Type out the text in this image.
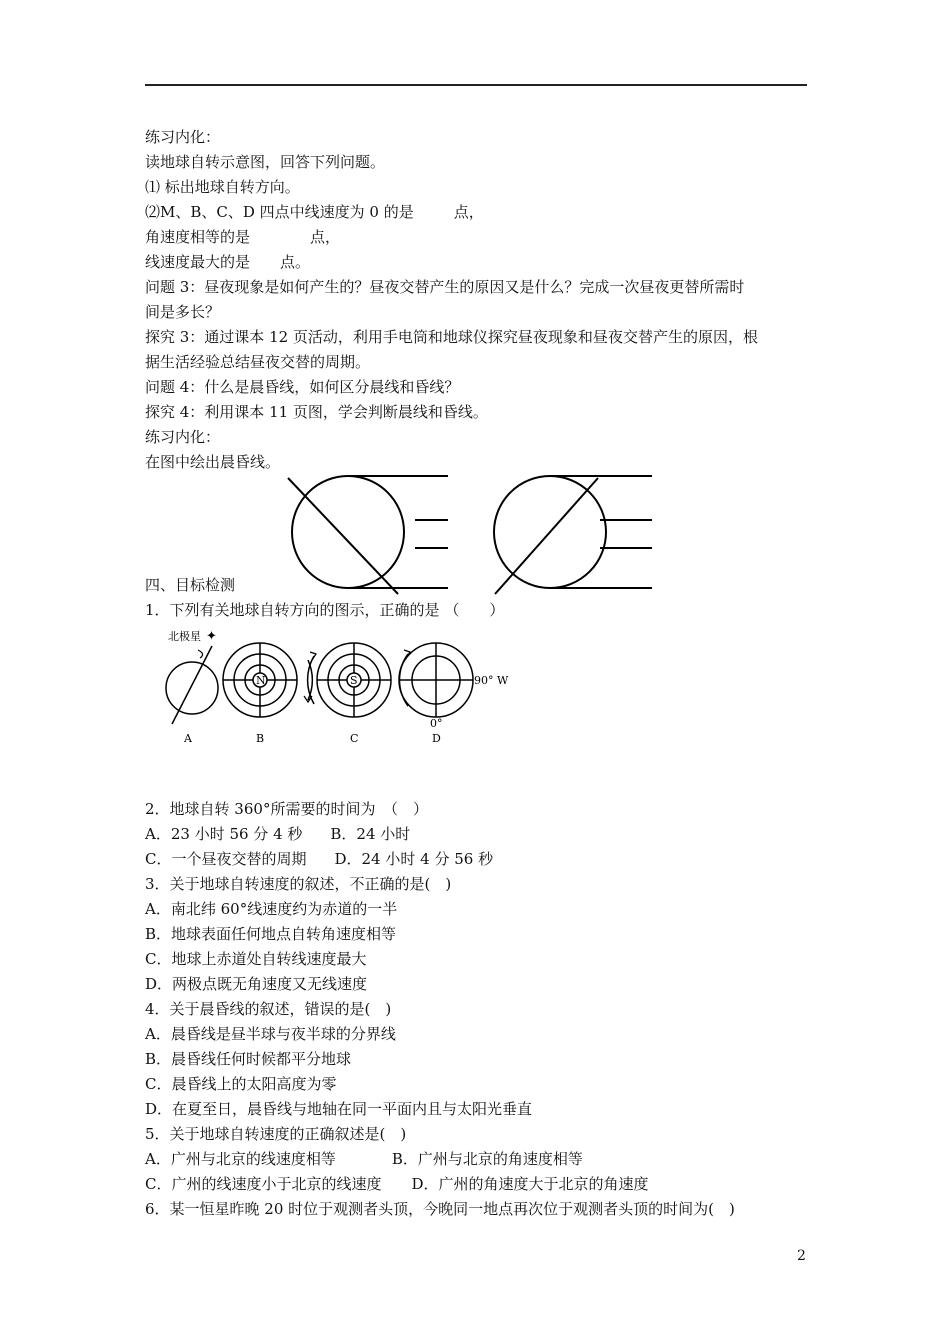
练习内化：
读地球自转示意图，回答下列问题。
⑴ 标出地球自转方向。
⑵M、B、C、D 四点中线速度为 0 的是	点，
角速度相等的是	点，
线速度最大的是 点。
问题 3：昼夜现象是如何产生的？昼夜交替产生的原因又是什么？完成一次昼夜更替所需时
间是多长？
探究 3：通过课本 12 页活动，利用手电筒和地球仪探究昼夜现象和昼夜交替产生的原因，根
据生活经验总结昼夜交替的周期。
问题 4：什么是晨昏线，如何区分晨线和昏线？
探究 4：利用课本 11 页图，学会判断晨线和昏线。
练习内化：
在图中绘出晨昏线。
四、目标检测
1．下列有关地球自转方向的图示，正确的是 （　　）
北极星 ✦
A
N
B
S
C
90° W
0°
D
2．地球自转 360°所需要的时间为　（　）
A．23 小时 56 分 4 秒 B．24 小时
C．一个昼夜交替的周期 D．24 小时 4 分 56 秒
3．关于地球自转速度的叙述，不正确的是(　)
A．南北纬 60°线速度约为赤道的一半
B．地球表面任何地点自转角速度相等
C．地球上赤道处自转线速度最大
D．两极点既无角速度又无线速度
4．关于晨昏线的叙述，错误的是(　)
A．晨昏线是昼半球与夜半球的分界线
B．晨昏线任何时候都平分地球
C．晨昏线上的太阳高度为零
D．在夏至日，晨昏线与地轴在同一平面内且与太阳光垂直
5．关于地球自转速度的正确叙述是(　)
A．广州与北京的线速度相等	B．广州与北京的角速度相等
C．广州的线速度小于北京的线速度 D．广州的角速度大于北京的角速度
6．某一恒星昨晚 20 时位于观测者头顶，今晚同一地点再次位于观测者头顶的时间为(　)
2
